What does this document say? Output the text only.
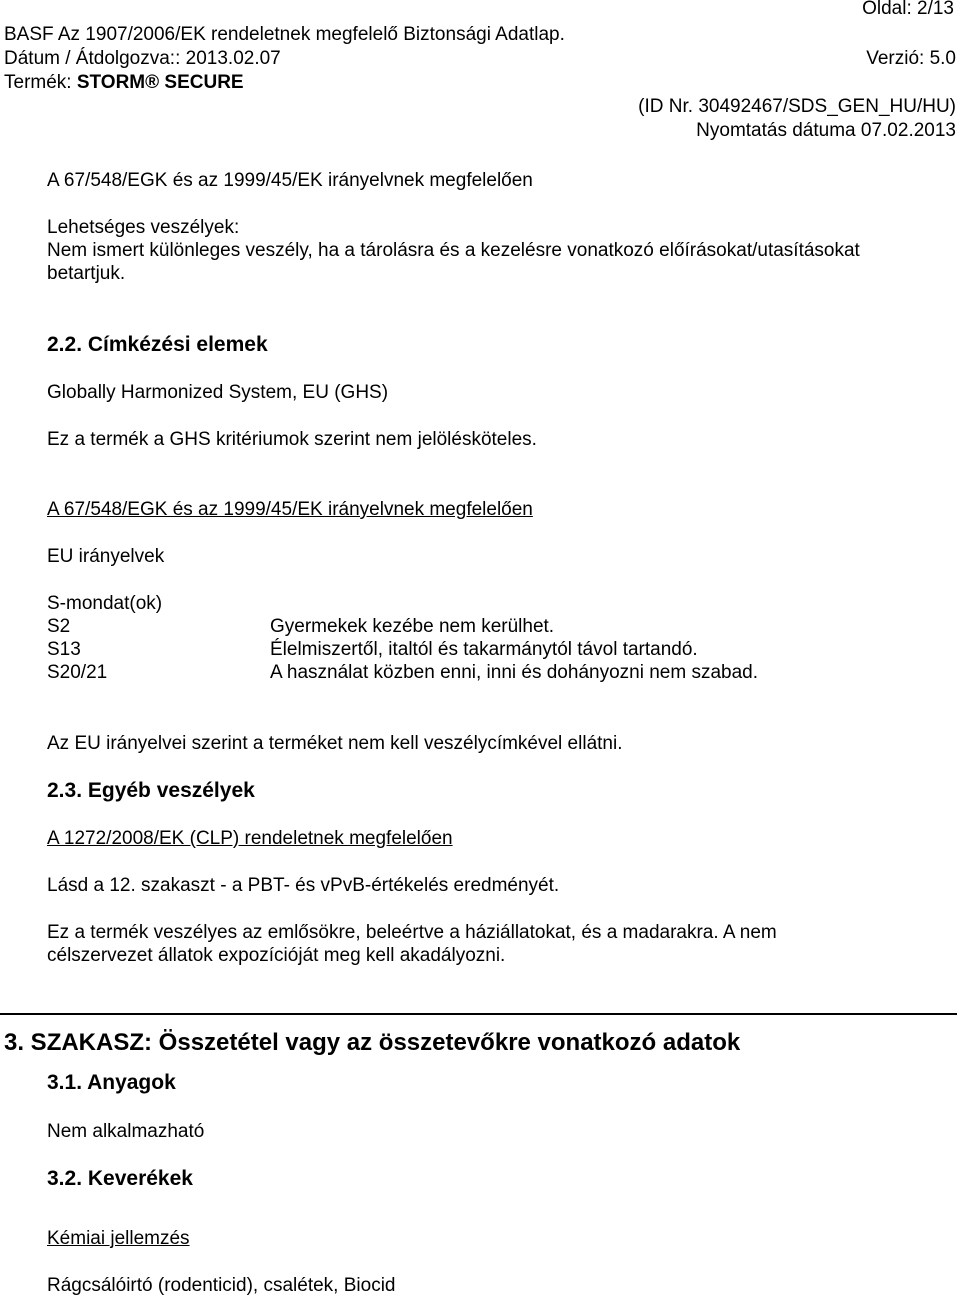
Oldal: 2/13
BASF Az 1907/2006/EK rendeletnek megfelelő Biztonsági Adatlap.
Dátum / Átdolgozva:: 2013.02.07	Verzió: 5.0
Termék: STORM® SECURE
(ID Nr. 30492467/SDS_GEN_HU/HU)
Nyomtatás dátuma 07.02.2013
A 67/548/EGK és az 1999/45/EK irányelvnek megfelelően
Lehetséges veszélyek:
Nem ismert különleges veszély, ha a tárolásra és a kezelésre vonatkozó előírásokat/utasításokat
betartjuk.
2.2. Címkézési elemek
Globally Harmonized System, EU (GHS)
Ez a termék a GHS kritériumok szerint nem jelölésköteles.
A 67/548/EGK és az 1999/45/EK irányelvnek megfelelően
EU irányelvek
S-mondat(ok)
S2	Gyermekek kezébe nem kerülhet.
S13	Élelmiszertől, italtól és takarmánytól távol tartandó.
S20/21	A használat közben enni, inni és dohányozni nem szabad.
Az EU irányelvei szerint a terméket nem kell veszélycímkével ellátni.
2.3. Egyéb veszélyek
A 1272/2008/EK (CLP) rendeletnek megfelelően
Lásd a 12. szakaszt - a PBT- és vPvB-értékelés eredményét.
Ez a termék veszélyes az emlősökre, beleértve a háziállatokat, és a madarakra. A nem
célszervezet állatok expozícióját meg kell akadályozni.
3. SZAKASZ: Összetétel vagy az összetevőkre vonatkozó adatok
3.1. Anyagok
Nem alkalmazható
3.2. Keverékek
Kémiai jellemzés
Rágcsálóirtó (rodenticid), csalétek, Biocid
